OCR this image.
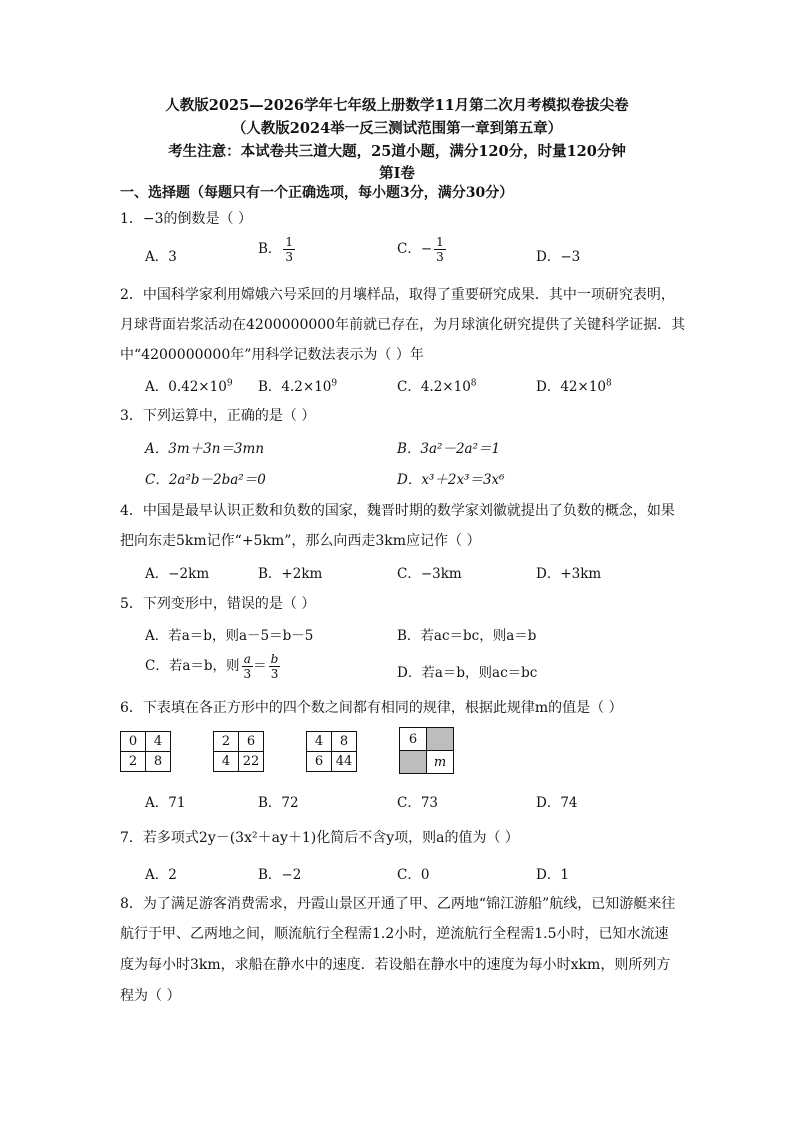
人教版2025—2026学年七年级上册数学11月第二次月考模拟卷拔尖卷
（人教版2024举一反三测试范围第一章到第五章）
考生注意：本试卷共三道大题，25道小题，满分120分，时量120分钟
第Ⅰ卷
一、选择题（每题只有一个正确选项，每小题3分，满分30分）
1．−3的倒数是（ ）
A．3	B． $\frac{1}{3}$	C．− $\frac{1}{3}$	D．−3
2．中国科学家利用嫦娥六号采回的月壤样品，取得了重要研究成果．其中一项研究表明，
月球背面岩浆活动在4200000000年前就已存在，为月球演化研究提供了关键科学证据．其
中“4200000000年”用科学记数法表示为（ ）年
A．$0.42\times 10^9$ B．$4.2\times 10^9$	C．$4.2\times 10^8$	D．$42\times 10^8$
3．下列运算中，正确的是（ ）
A．3m＋3n＝3mn	B．3a²－2a²＝1
C．2a²b－2ba²＝0	D．x³＋2x³＝3x⁶
4．中国是最早认识正数和负数的国家，魏晋时期的数学家刘徽就提出了负数的概念，如果
把向东走5km记作“+5km”，那么向西走3km应记作（ ）
A．−2km	B．+2km	C．−3km	D．+3km
5．下列变形中，错误的是（ ）
A．若a＝b，则a－5＝b－5	B．若ac＝bc，则a＝b
C．若a＝b，则 $\frac{a}{3} = \frac{b}{3}$	D．若a＝b，则ac＝bc
6．下表填在各正方形中的四个数之间都有相同的规律，根据此规律m的值是（ ）
0	4
2	8
2	6
4	22
4	8
6	44
6	
	m
A．71	B．72	C．73	D．74
7．若多项式2y－(3x²＋ay＋1)化简后不含y项，则a的值为（ ）
A．2	B．−2	C．0	D．1
8．为了满足游客消费需求，丹霞山景区开通了甲、乙两地“锦江游船”航线，已知游艇来往
航行于甲、乙两地之间，顺流航行全程需1.2小时，逆流航行全程需1.5小时，已知水流速
度为每小时3km，求船在静水中的速度．若设船在静水中的速度为每小时xkm，则所列方
程为（ ）
